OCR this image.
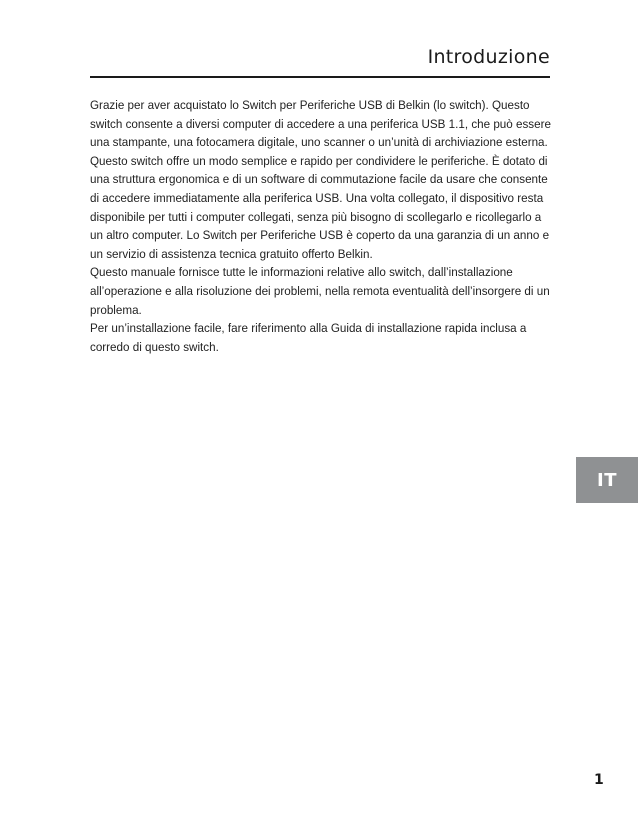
Introduzione

Grazie per aver acquistato lo Switch per Periferiche USB di Belkin (lo switch). Questo switch consente a diversi computer di accedere a una periferica USB 1.1, che può essere una stampante, una fotocamera digitale, uno scanner o un’unità di archiviazione esterna. Questo switch offre un modo semplice e rapido per condividere le periferiche. È dotato di una struttura ergonomica e di un software di commutazione facile da usare che consente di accedere immediatamente alla periferica USB. Una volta collegato, il dispositivo resta disponibile per tutti i computer collegati, senza più bisogno di scollegarlo e ricollegarlo a un altro computer. Lo Switch per Periferiche USB è coperto da una garanzia di un anno e un servizio di assistenza tecnica gratuito offerto Belkin.

Questo manuale fornisce tutte le informazioni relative allo switch, dall’installazione all’operazione e alla risoluzione dei problemi, nella remota eventualità dell’insorgere di un problema.

Per un’installazione facile, fare riferimento alla Guida di installazione rapida inclusa a corredo di questo switch.

IT
1
